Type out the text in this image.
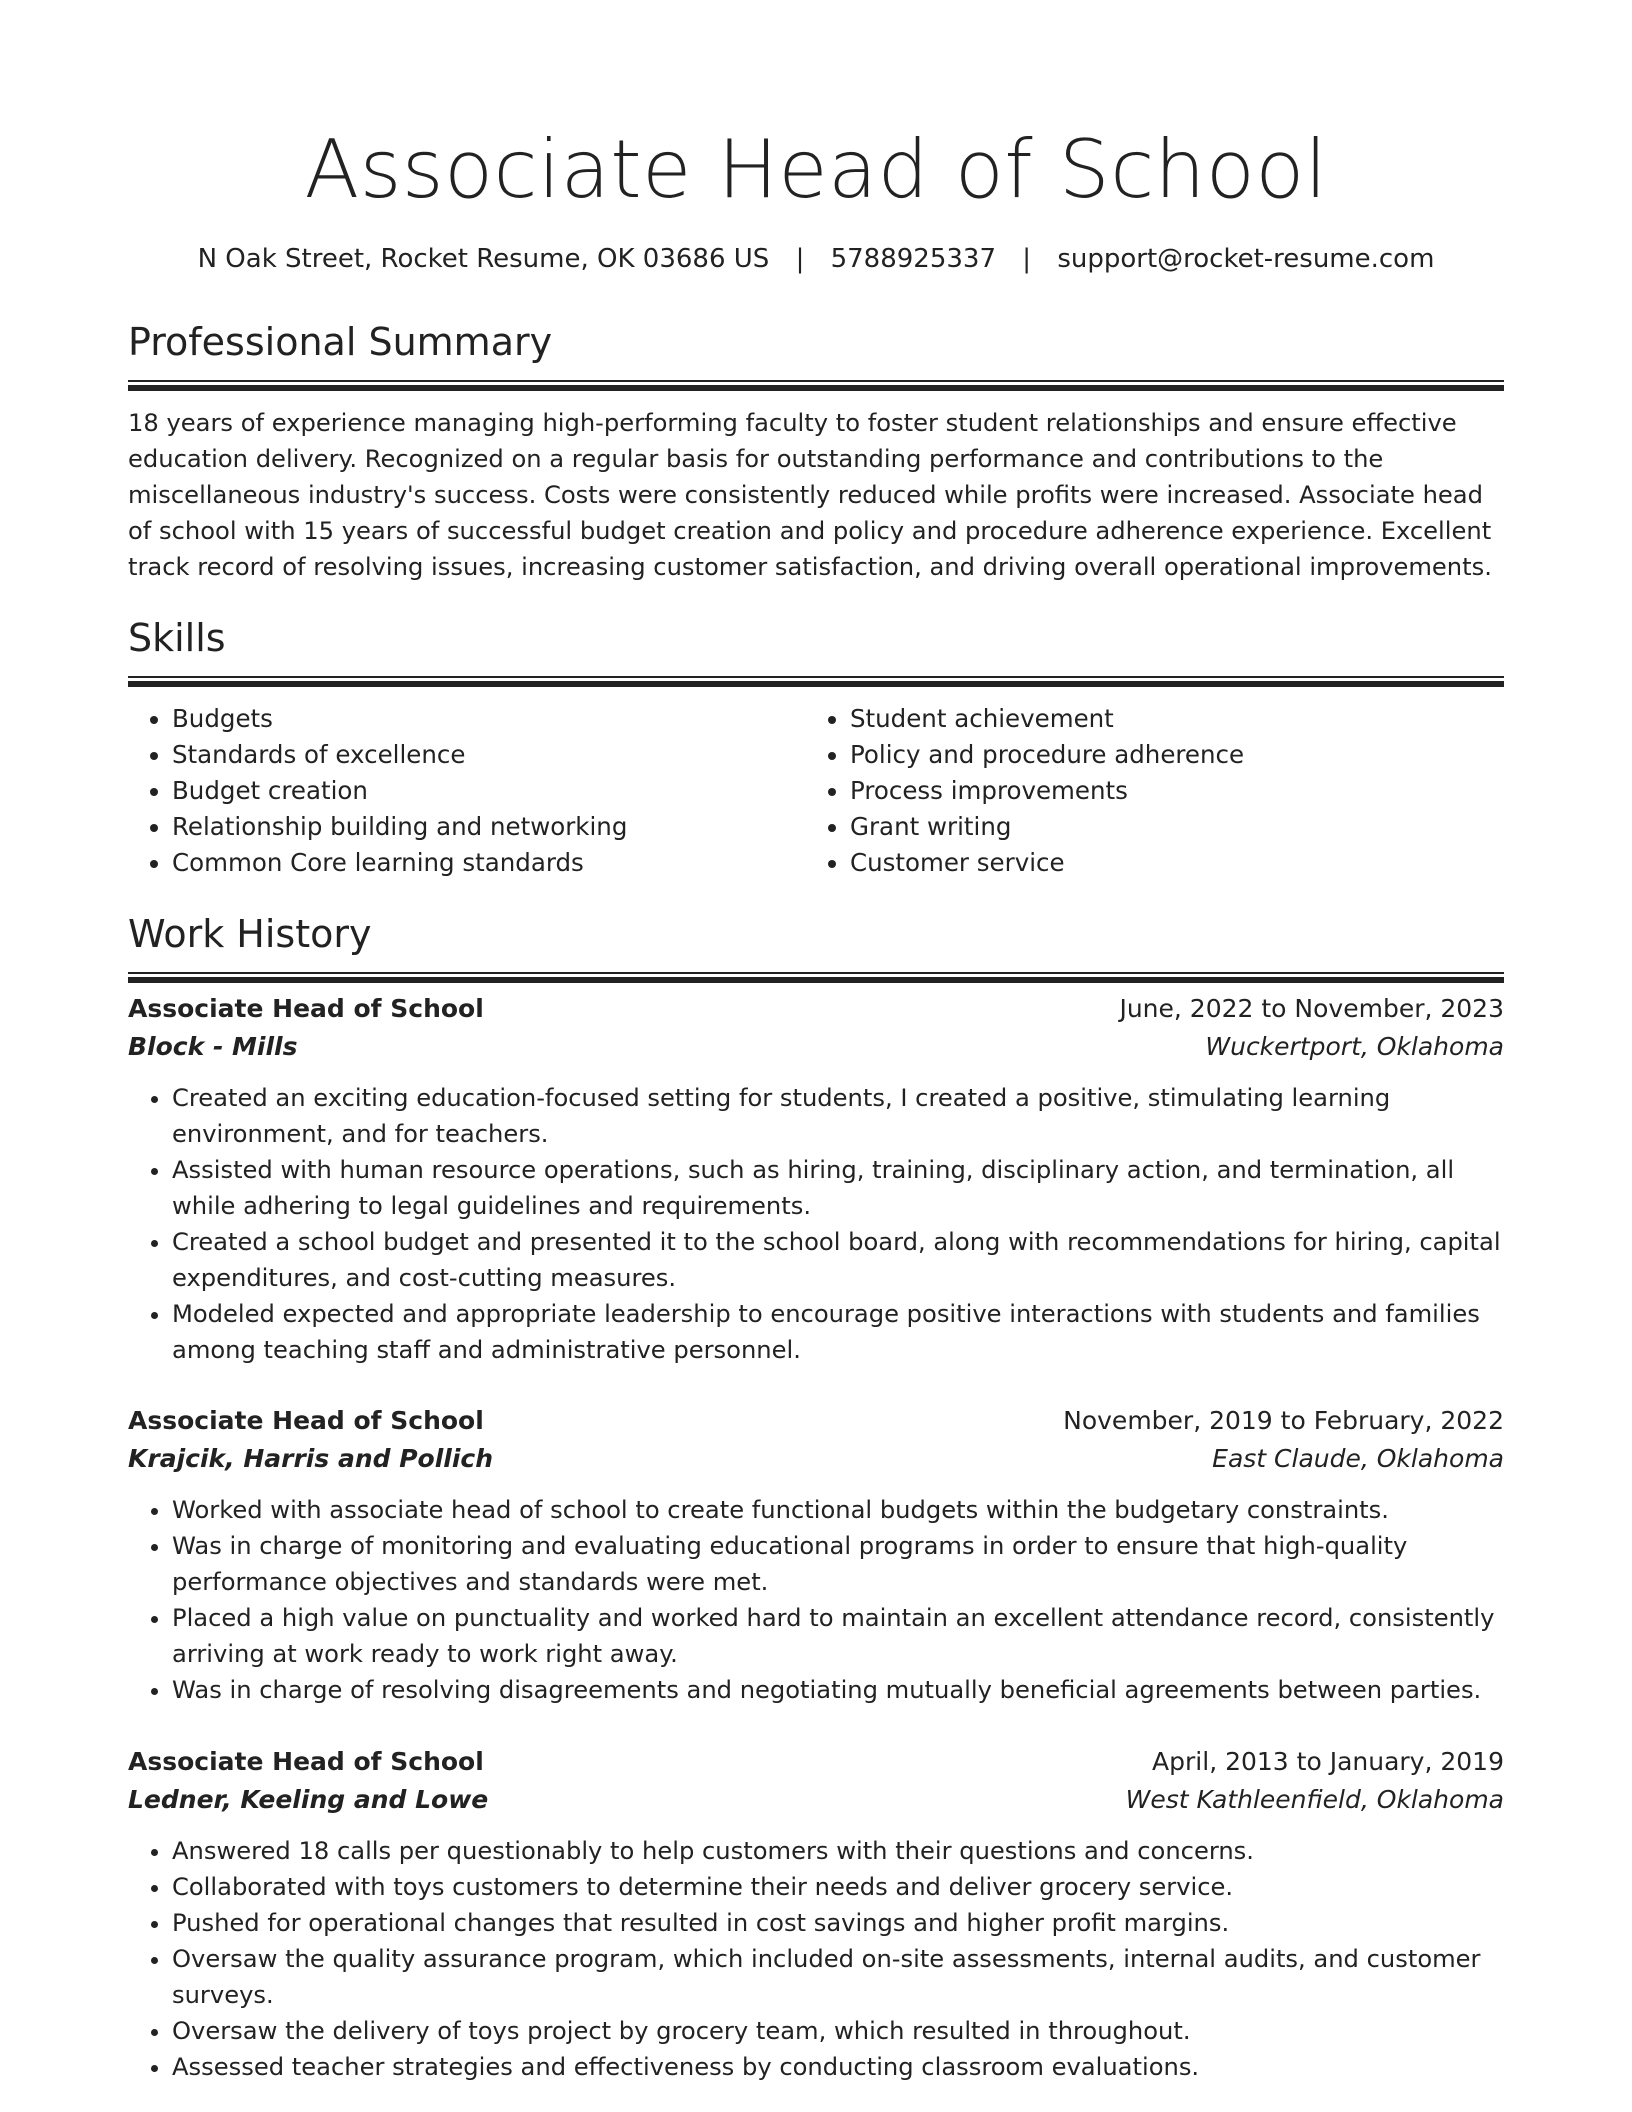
Associate Head of School
N Oak Street, Rocket Resume, OK 03686 US | 5788925337 | support@rocket-resume.com
Professional Summary

18 years of experience managing high-performing faculty to foster student relationships and ensure effective education delivery. Recognized on a regular basis for outstanding performance and contributions to the miscellaneous industry's success. Costs were consistently reduced while profits were increased. Associate head of school with 15 years of successful budget creation and policy and procedure adherence experience. Excellent track record of resolving issues, increasing customer satisfaction, and driving overall operational improvements.

Skills
• Budgets
• Standards of excellence
• Budget creation
• Relationship building and networking
• Common Core learning standards
• Student achievement
• Policy and procedure adherence
• Process improvements
• Grant writing
• Customer service
Work History
Associate Head of School	June, 2022 to November, 2023
Block - Mills	Wuckertport, Oklahoma
• Created an exciting education-focused setting for students, I created a positive, stimulating learning environment, and for teachers.
• Assisted with human resource operations, such as hiring, training, disciplinary action, and termination, all while adhering to legal guidelines and requirements.
• Created a school budget and presented it to the school board, along with recommendations for hiring, capital expenditures, and cost-cutting measures.
• Modeled expected and appropriate leadership to encourage positive interactions with students and families among teaching staff and administrative personnel.
Associate Head of School	November, 2019 to February, 2022
Krajcik, Harris and Pollich	East Claude, Oklahoma
• Worked with associate head of school to create functional budgets within the budgetary constraints.
• Was in charge of monitoring and evaluating educational programs in order to ensure that high-quality performance objectives and standards were met.
• Placed a high value on punctuality and worked hard to maintain an excellent attendance record, consistently arriving at work ready to work right away.
• Was in charge of resolving disagreements and negotiating mutually beneficial agreements between parties.
Associate Head of School	April, 2013 to January, 2019
Ledner, Keeling and Lowe	West Kathleenfield, Oklahoma
• Answered 18 calls per questionably to help customers with their questions and concerns.
• Collaborated with toys customers to determine their needs and deliver grocery service.
• Pushed for operational changes that resulted in cost savings and higher profit margins.
• Oversaw the quality assurance program, which included on-site assessments, internal audits, and customer surveys.
• Oversaw the delivery of toys project by grocery team, which resulted in throughout.
• Assessed teacher strategies and effectiveness by conducting classroom evaluations.
